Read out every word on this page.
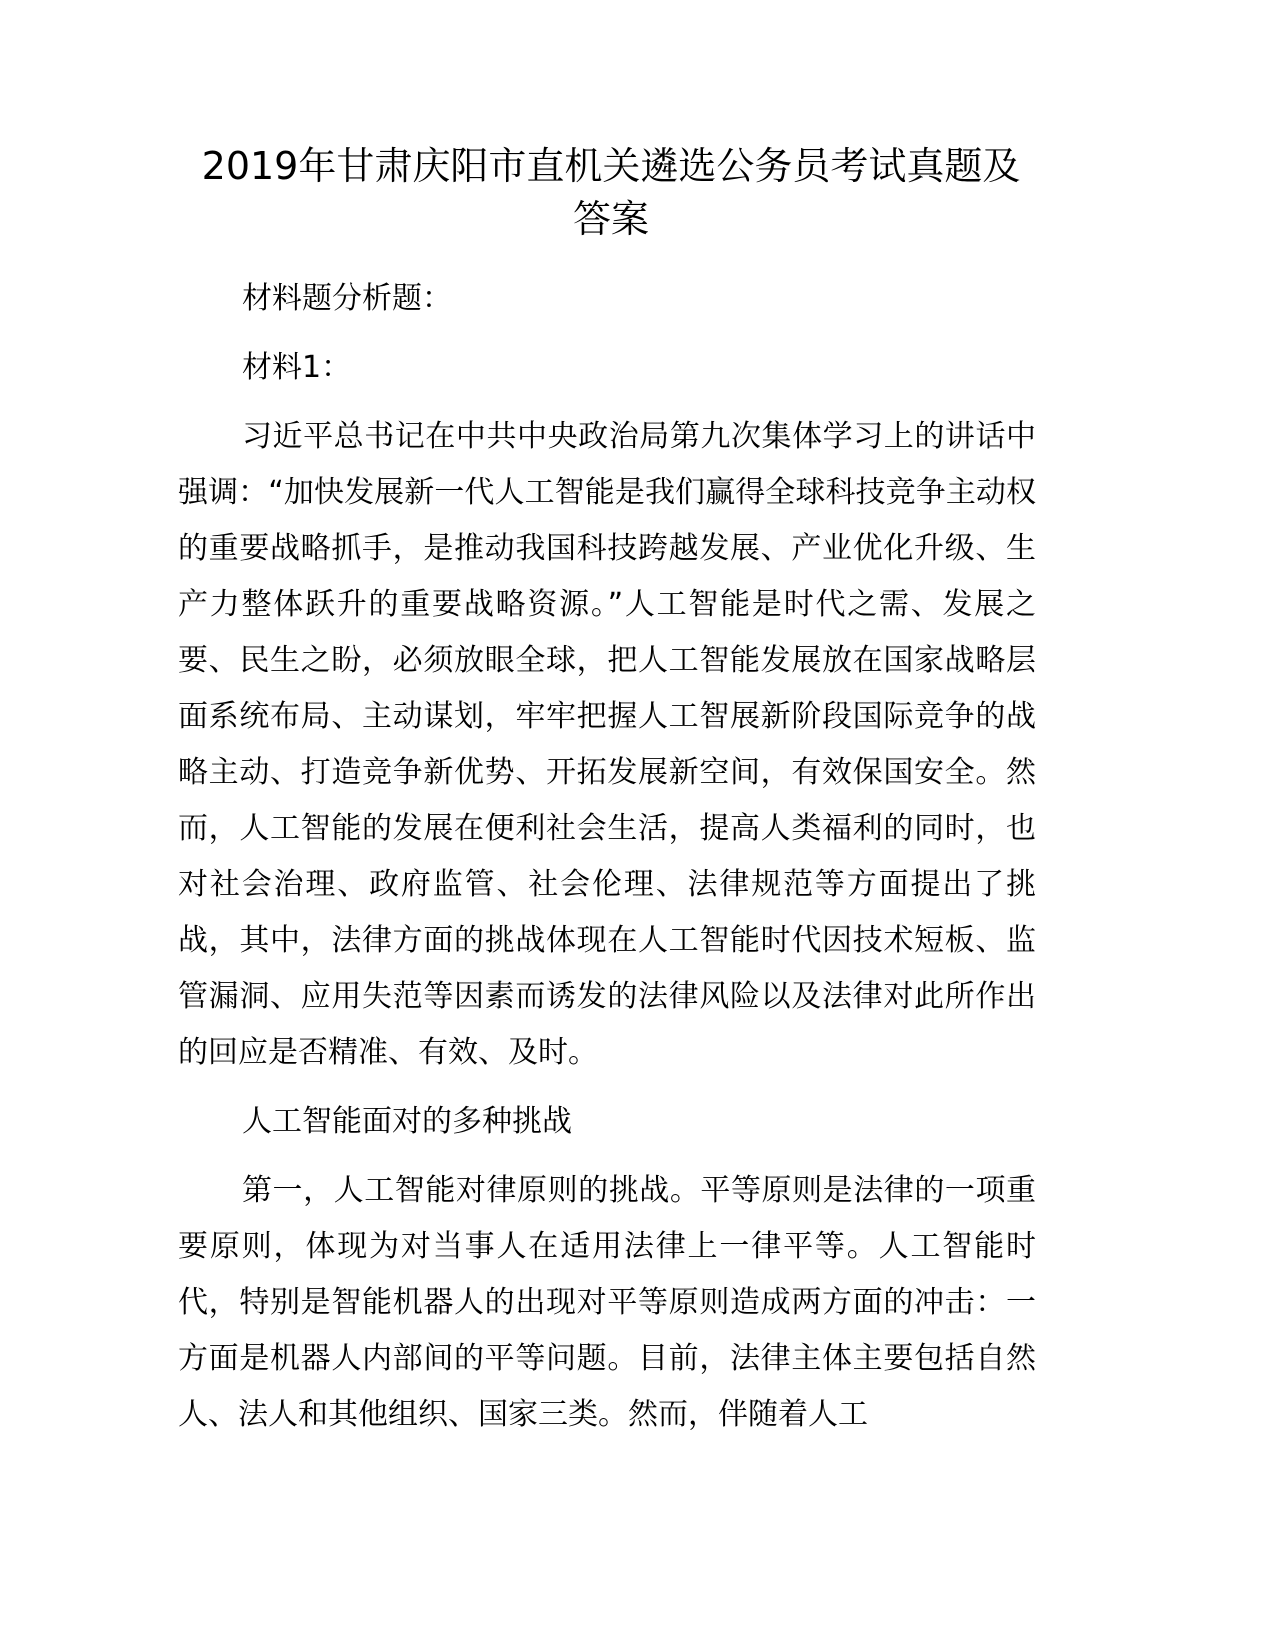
2019年甘肃庆阳市直机关遴选公务员考试真题及答案

材料题分析题：

材料1：

习近平总书记在中共中央政治局第九次集体学习上的讲话中强调：“加快发展新一代人工智能是我们赢得全球科技竞争主动权的重要战略抓手，是推动我国科技跨越发展、产业优化升级、生产力整体跃升的重要战略资源。”人工智能是时代之需、发展之要、民生之盼，必须放眼全球，把人工智能发展放在国家战略层面系统布局、主动谋划，牢牢把握人工智展新阶段国际竞争的战略主动、打造竞争新优势、开拓发展新空间，有效保国安全。然而，人工智能的发展在便利社会生活，提高人类福利的同时，也对社会治理、政府监管、社会伦理、法律规范等方面提出了挑战，其中，法律方面的挑战体现在人工智能时代因技术短板、监管漏洞、应用失范等因素而诱发的法律风险以及法律对此所作出的回应是否精准、有效、及时。

人工智能面对的多种挑战

第一，人工智能对律原则的挑战。平等原则是法律的一项重要原则，体现为对当事人在适用法律上一律平等。人工智能时代，特别是智能机器人的出现对平等原则造成两方面的冲击：一方面是机器人内部间的平等问题。目前，法律主体主要包括自然人、法人和其他组织、国家三类。然而，伴随着人工
